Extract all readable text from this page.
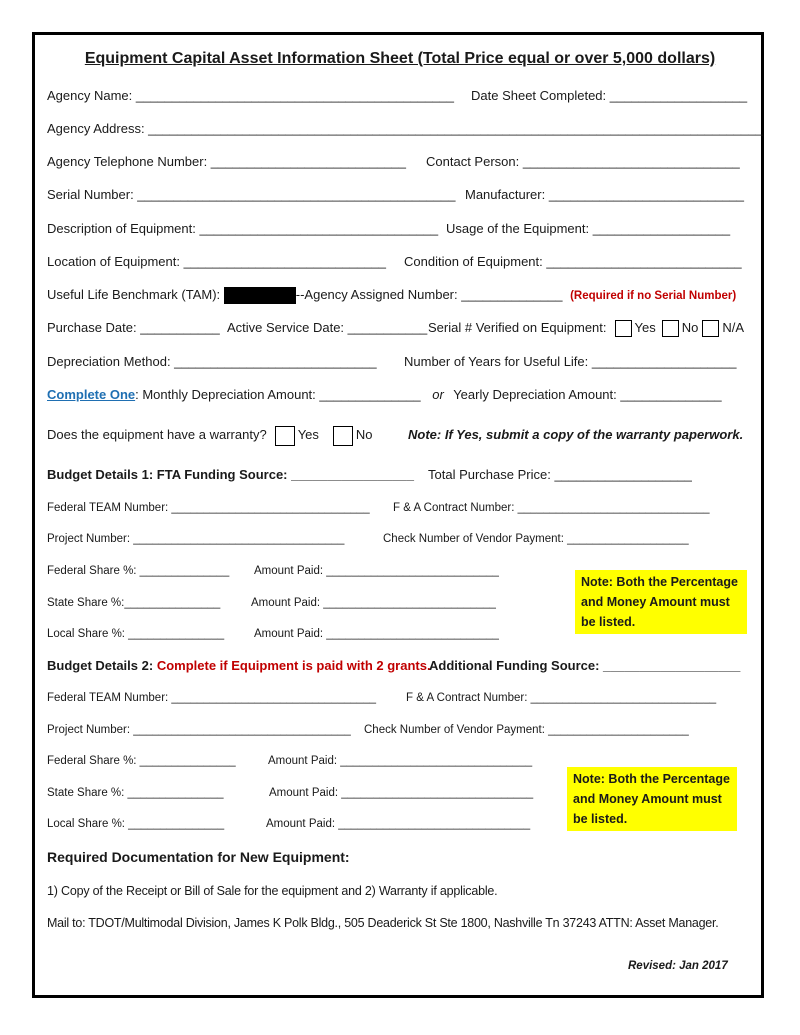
Equipment Capital Asset Information Sheet (Total Price equal or over 5,000 dollars)
Agency Name: ____________________________________________ Date Sheet Completed: ___________________
Agency Address: _____________________________________________________________________________________
Agency Telephone Number: ___________________________ Contact Person: ______________________________
Serial Number: ____________________________________________ Manufacturer: ___________________________
Description of Equipment: _________________________________ Usage of the Equipment: ___________________
Location of Equipment: ____________________________ Condition of Equipment: ___________________________
Useful Life Benchmark (TAM):	--Agency Assigned Number: ______________ (Required if no Serial Number)
Purchase Date: ___________ Active Service Date: ___________ Serial # Verified on Equipment: Yes No N/A
Depreciation Method: ____________________________ Number of Years for Useful Life: ____________________
Complete One: Monthly Depreciation Amount: ______________ or Yearly Depreciation Amount: ______________
Does the equipment have a warranty? Yes	No	Note: If Yes, submit a copy of the warranty paperwork.
Budget Details 1: FTA Funding Source: _________________ Total Purchase Price: ___________________
Federal TEAM Number: _______________________________ F & A Contract Number: ______________________________
Project Number: _________________________________	Check Number of Vendor Payment: ___________________
Federal Share %: ______________ Amount Paid: ___________________________
State Share %:_______________	Amount Paid: ___________________________
Local Share %: _______________	Amount Paid: ___________________________
Note: Both the Percentage
and Money Amount must
be listed.
Budget Details 2: Complete if Equipment is paid with 2 grants.
Additional Funding Source: ___________________
Federal TEAM Number: ________________________________	F & A Contract Number: _____________________________
Project Number: __________________________________ Check Number of Vendor Payment: ______________________
Federal Share %: _______________	Amount Paid: ______________________________
State Share %: _______________	Amount Paid: ______________________________
Local Share %: _______________	Amount Paid: ______________________________
Note: Both the Percentage
and Money Amount must
be listed.
Required Documentation for New Equipment:
1) Copy of the Receipt or Bill of Sale for the equipment and 2) Warranty if applicable.
Mail to: TDOT/Multimodal Division, James K Polk Bldg., 505 Deaderick St Ste 1800, Nashville Tn 37243 ATTN: Asset Manager.
Revised: Jan 2017
